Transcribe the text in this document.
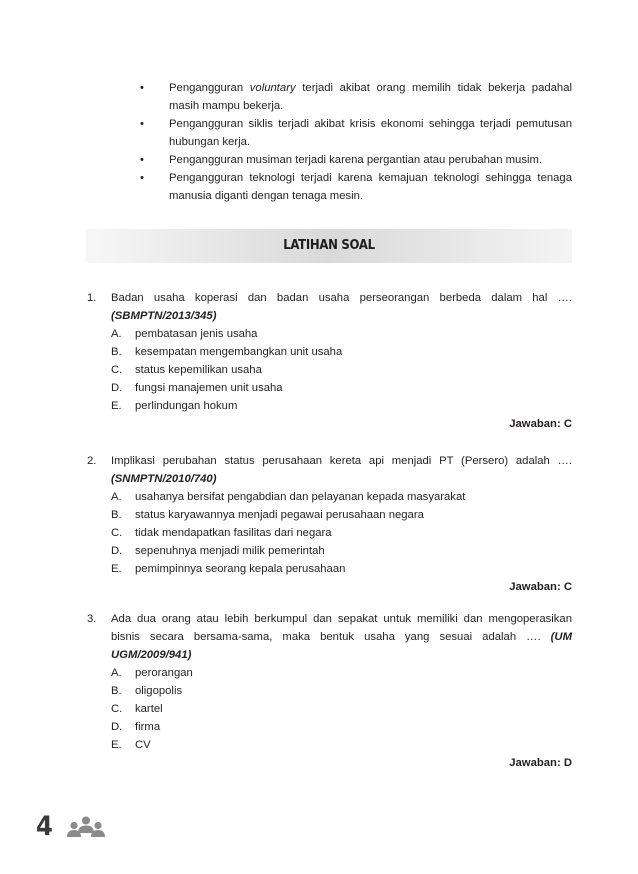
• Pengangguran voluntary terjadi akibat orang memilih tidak bekerja padahal masih mampu bekerja.
• Pengangguran siklis terjadi akibat krisis ekonomi sehingga terjadi pemutusan hubungan kerja.
• Pengangguran musiman terjadi karena pergantian atau perubahan musim.
• Pengangguran teknologi terjadi karena kemajuan teknologi sehingga tenaga manusia diganti dengan tenaga mesin.
LATIHAN SOAL
1. Badan usaha koperasi dan badan usaha perseorangan berbeda dalam hal ….
(SBMPTN/2013/345)
A. pembatasan jenis usaha
B. kesempatan mengembangkan unit usaha
C. status kepemilikan usaha
D. fungsi manajemen unit usaha
E. perlindungan hokum
Jawaban: C
2. Implikasi perubahan status perusahaan kereta api menjadi PT (Persero) adalah ….
(SNMPTN/2010/740)
A. usahanya bersifat pengabdian dan pelayanan kepada masyarakat
B. status karyawannya menjadi pegawai perusahaan negara
C. tidak mendapatkan fasilitas dari negara
D. sepenuhnya menjadi milik pemerintah
E. pemimpinnya seorang kepala perusahaan
Jawaban: C
3. Ada dua orang atau lebih berkumpul dan sepakat untuk memiliki dan mengoperasikan
bisnis secara bersama-sama, maka bentuk usaha yang sesuai adalah …. (UM
UGM/2009/941)
A. perorangan
B. oligopolis
C. kartel
D. firma
E. CV
Jawaban: D
4
